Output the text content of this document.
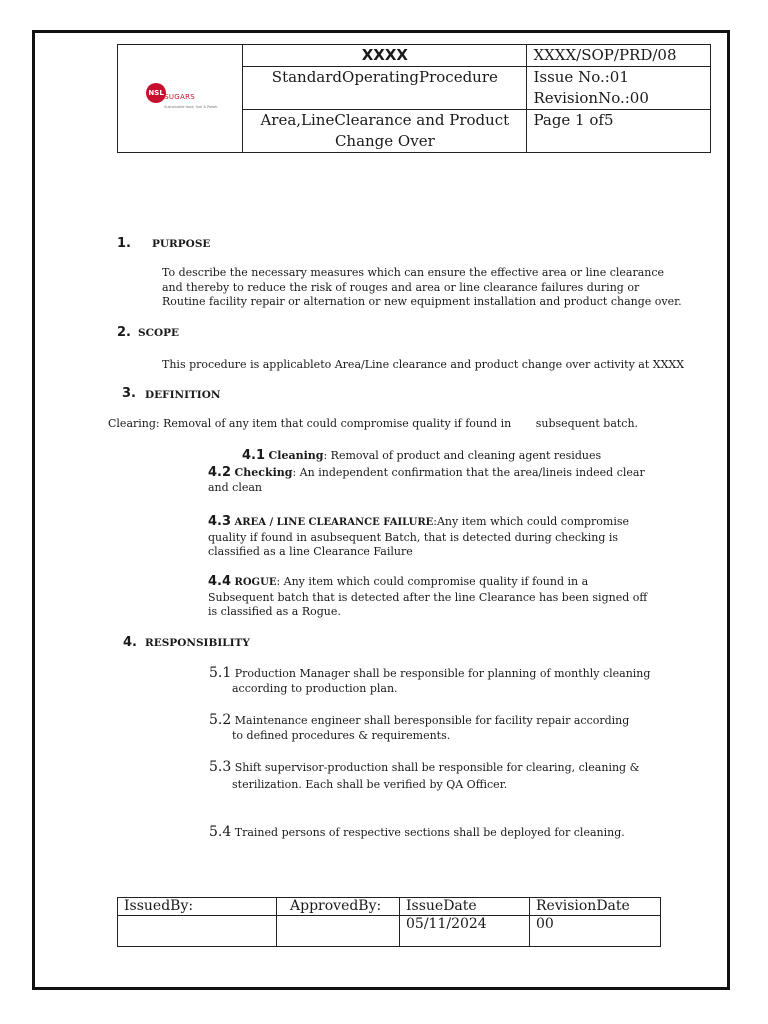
NSL SUGARS
Sustainable food, fuel & Power	XXXX	XXXX/SOP/PRD/08
	StandardOperatingProcedure	Issue No.:01
RevisionNo.:00

	Area,LineClearance and Product Change Over	Page 1 of5
1. PURPOSE
To describe the necessary measures which can ensure the effective area or line clearance and thereby to reduce the risk of rouges and area or line clearance failures during or Routine facility repair or alternation or new equipment installation and product change over.
2. SCOPE
This procedure is applicableto Area/Line clearance and product change over activity at XXXX
3. DEFINITION
Clearing: Removal of any item that could compromise quality if found in       subsequent batch.
4.1 Cleaning: Removal of product and cleaning agent residues
4.2 Checking: An independent confirmation that the area/lineis indeed clear and clean
4.3 AREA / LINE CLEARANCE FAILURE:Any item which could compromise quality if found in asubsequent Batch, that is detected during checking is classified as a line Clearance Failure
4.4 ROGUE: Any item which could compromise quality if found in a Subsequent batch that is detected after the line Clearance has been signed off is classified as a Rogue.
4. RESPONSIBILITY
5.1 Production Manager shall be responsible for planning of monthly cleaning
according to production plan.
5.2 Maintenance engineer shall beresponsible for facility repair according
to defined procedures & requirements.
5.3 Shift supervisor-production shall be responsible for clearing, cleaning &
sterilization. Each shall be verified by QA Officer.
5.4 Trained persons of respective sections shall be deployed for cleaning.
IssuedBy:	ApprovedBy:	IssueDate	RevisionDate
		05/11/2024	00
